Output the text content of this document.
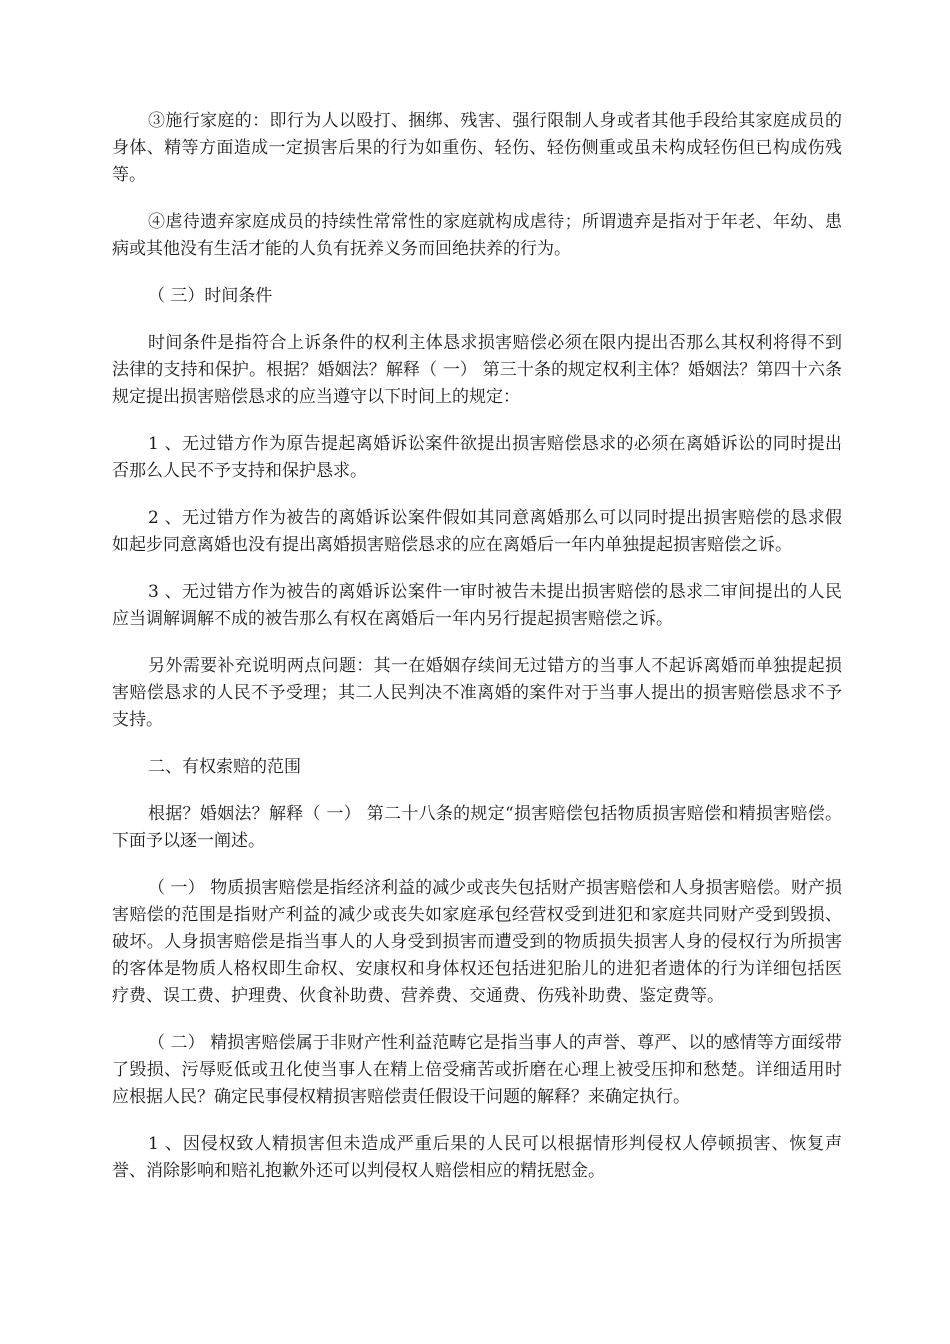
③施行家庭的：即行为人以殴打、捆绑、残害、强行限制人身或者其他手段给其家庭成员的身体、精等方面造成一定损害后果的行为如重伤、轻伤、轻伤侧重或虽未构成轻伤但已构成伤残等。

④虐待遗弃家庭成员的持续性常常性的家庭就构成虐待；所谓遗弃是指对于年老、年幼、患病或其他没有生活才能的人负有抚养义务而回绝扶养的行为。

（ 三）时间条件

时间条件是指符合上诉条件的权利主体恳求损害赔偿必须在限内提出否那么其权利将得不到法律的支持和保护。根据？婚姻法？解释（ 一） 第三十条的规定权利主体？婚姻法？第四十六条规定提出损害赔偿恳求的应当遵守以下时间上的规定：

1 、无过错方作为原告提起离婚诉讼案件欲提出损害赔偿恳求的必须在离婚诉讼的同时提出否那么人民不予支持和保护恳求。

2 、无过错方作为被告的离婚诉讼案件假如其同意离婚那么可以同时提出损害赔偿的恳求假如起步同意离婚也没有提出离婚损害赔偿恳求的应在离婚后一年内单独提起损害赔偿之诉。

3 、无过错方作为被告的离婚诉讼案件一审时被告未提出损害赔偿的恳求二审间提出的人民应当调解调解不成的被告那么有权在离婚后一年内另行提起损害赔偿之诉。

另外需要补充说明两点问题：其一在婚姻存续间无过错方的当事人不起诉离婚而单独提起损害赔偿恳求的人民不予受理；其二人民判决不准离婚的案件对于当事人提出的损害赔偿恳求不予支持。

二、有权索赔的范围

根据？婚姻法？解释（ 一） 第二十八条的规定“损害赔偿包括物质损害赔偿和精损害赔偿。下面予以逐一阐述。

（ 一） 物质损害赔偿是指经济利益的减少或丧失包括财产损害赔偿和人身损害赔偿。财产损害赔偿的范围是指财产利益的减少或丧失如家庭承包经营权受到进犯和家庭共同财产受到毁损、破坏。人身损害赔偿是指当事人的人身受到损害而遭受到的物质损失损害人身的侵权行为所损害的客体是物质人格权即生命权、安康权和身体权还包括进犯胎儿的进犯者遗体的行为详细包括医疗费、误工费、护理费、伙食补助费、营养费、交通费、伤残补助费、鉴定费等。

（ 二） 精损害赔偿属于非财产性利益范畴它是指当事人的声誉、尊严、以的感情等方面绥带了毁损、污辱贬低或丑化使当事人在精上倍受痛苦或折磨在心理上被受压抑和愁楚。详细适用时应根据人民？确定民事侵权精损害赔偿责任假设干问题的解释？来确定执行。

1 、因侵权致人精损害但未造成严重后果的人民可以根据情形判侵权人停顿损害、恢复声誉、消除影响和赔礼抱歉外还可以判侵权人赔偿相应的精抚慰金。
